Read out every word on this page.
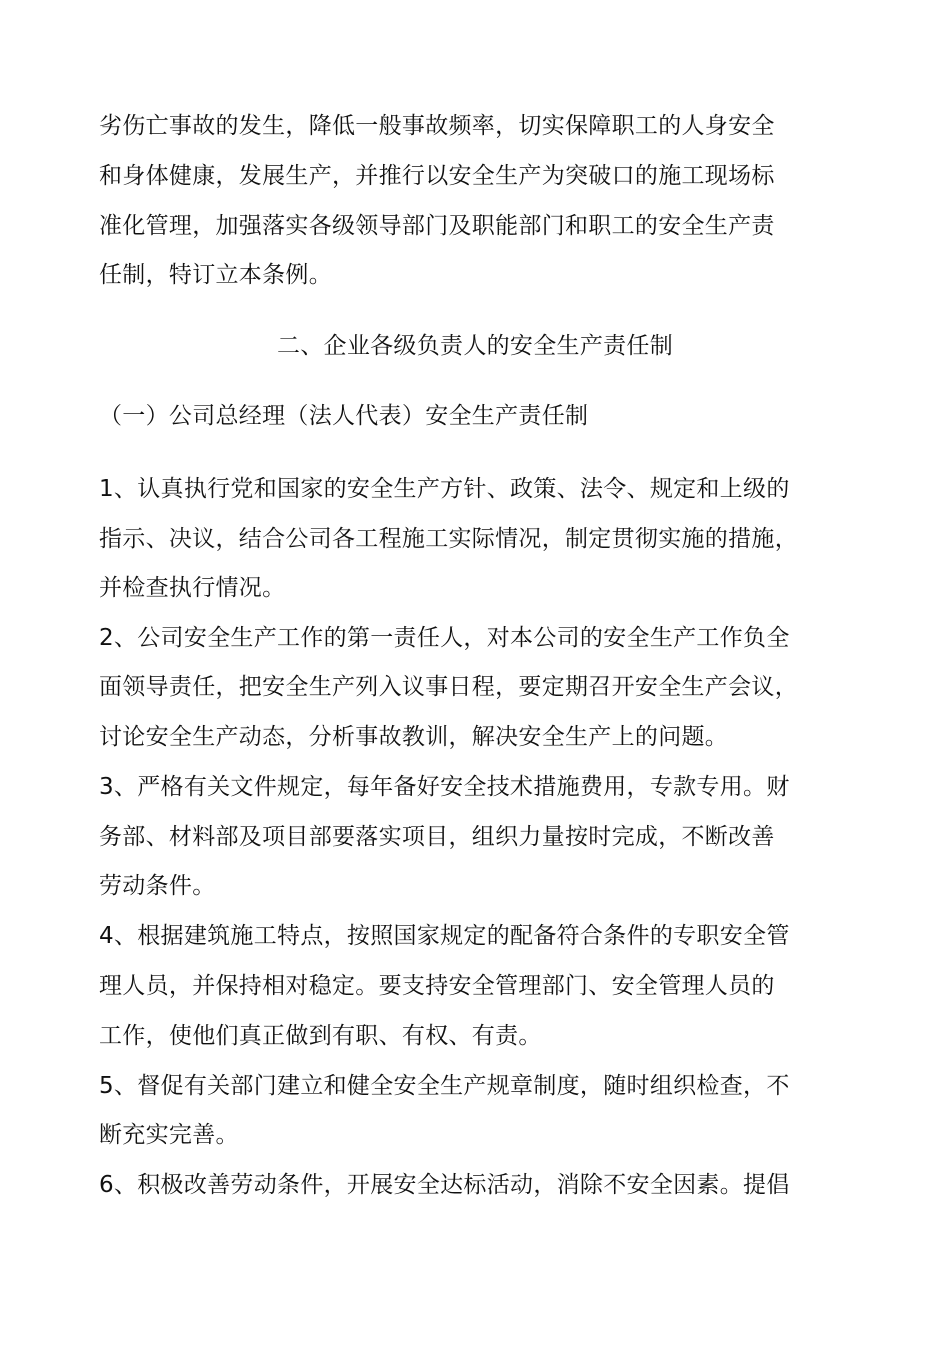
劣伤亡事故的发生，降低一般事故频率，切实保障职工的人身安全
和身体健康，发展生产，并推行以安全生产为突破口的施工现场标
准化管理，加强落实各级领导部门及职能部门和职工的安全生产责
任制，特订立本条例。
二、企业各级负责人的安全生产责任制
（一）公司总经理（法人代表）安全生产责任制
1、认真执行党和国家的安全生产方针、政策、法令、规定和上级的
指示、决议，结合公司各工程施工实际情况，制定贯彻实施的措施，
并检查执行情况。
2、公司安全生产工作的第一责任人，对本公司的安全生产工作负全
面领导责任，把安全生产列入议事日程，要定期召开安全生产会议，
讨论安全生产动态，分析事故教训，解决安全生产上的问题。
3、严格有关文件规定，每年备好安全技术措施费用，专款专用。财
务部、材料部及项目部要落实项目，组织力量按时完成，不断改善
劳动条件。
4、根据建筑施工特点，按照国家规定的配备符合条件的专职安全管
理人员，并保持相对稳定。要支持安全管理部门、安全管理人员的
工作，使他们真正做到有职、有权、有责。
5、督促有关部门建立和健全安全生产规章制度，随时组织检查，不
断充实完善。
6、积极改善劳动条件，开展安全达标活动，消除不安全因素。提倡
